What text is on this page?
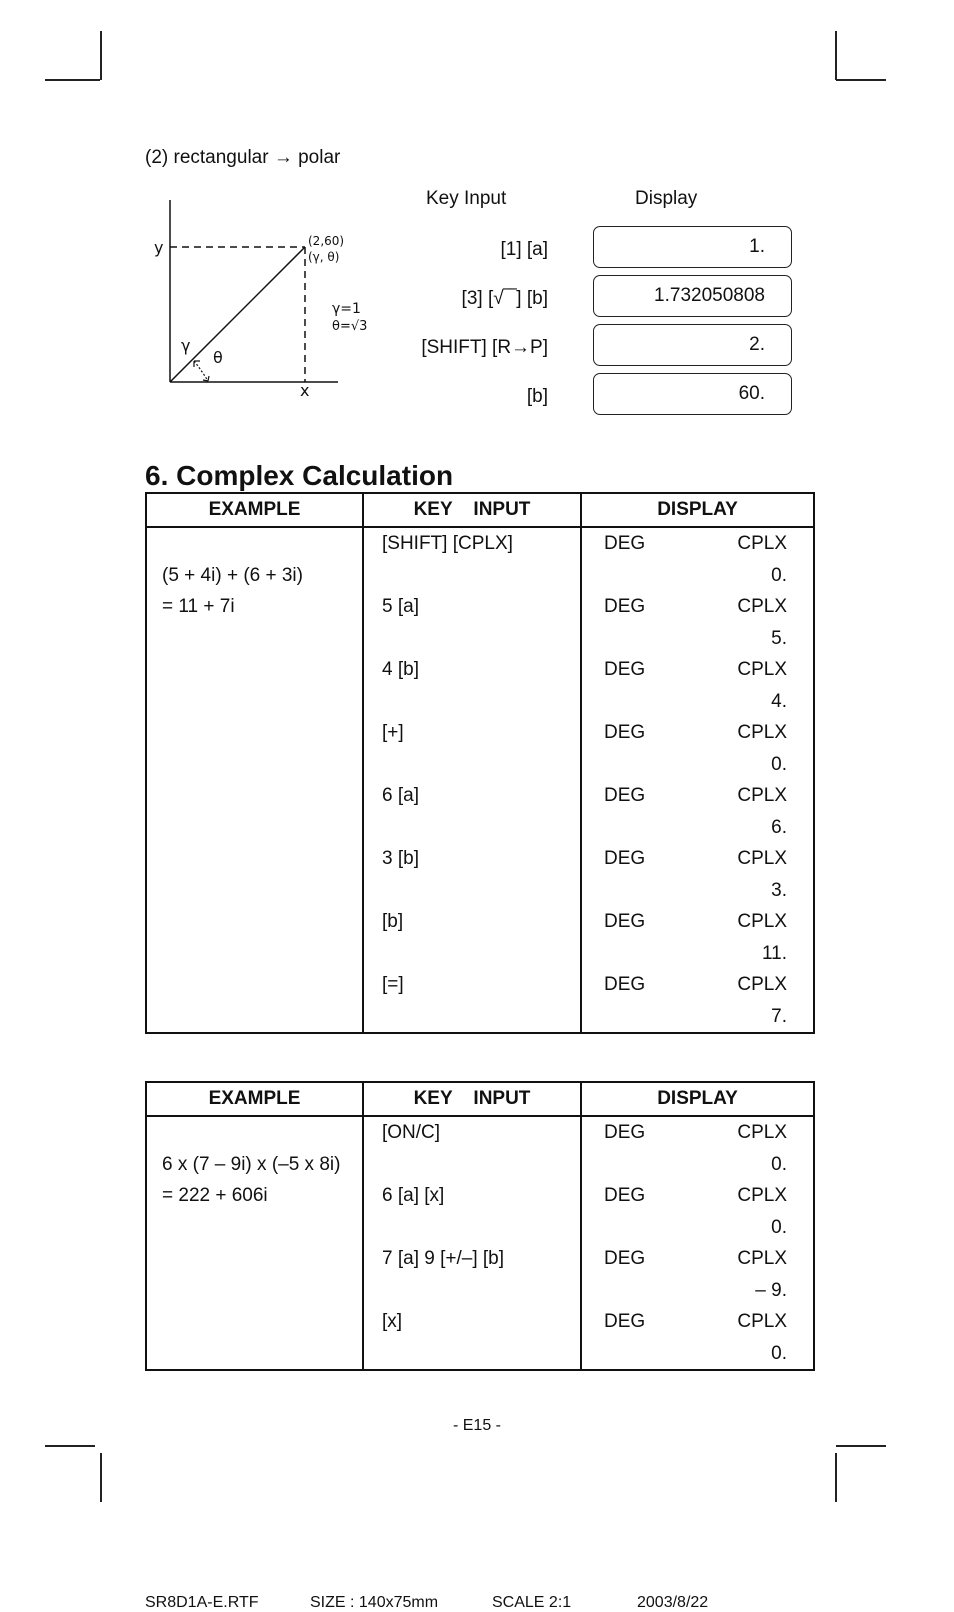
(2) rectangular → polar
y
x
(2,60)
(γ, θ)
γ
θ
γ=1
θ=√3
Key Input	Display
[1] [a]	1.
[3] [√‾‾] [b]	1.732050808
[SHIFT] [R→P]	2.
[b]	60.
6. Complex Calculation
EXAMPLE	KEY    INPUT	DISPLAY
	[SHIFT] [CPLX]	DEG CPLX

(5 + 4i) + (6 + 3i)		0.

= 11 + 7i	5 [a]	DEG CPLX

		5.

	4 [b]	DEG CPLX

		4.

	[+]	DEG CPLX

		0.

	6 [a]	DEG CPLX

		6.

	3 [b]	DEG CPLX

		3.

	[b]	DEG CPLX

		11.

	[=]	DEG CPLX

		7.
EXAMPLE	KEY    INPUT	DISPLAY
	[ON/C]	DEG CPLX

6 x (7 – 9i) x (–5 x 8i)		0.

= 222 + 606i	6 [a] [x]	DEG CPLX

		0.

	7 [a] 9 [+/–] [b]	DEG CPLX

		– 9.

	[x]	DEG CPLX

		0.
- E15 -
SR8D1A-E.RTF	SIZE : 140x75mm	SCALE 2:1	2003/8/22
